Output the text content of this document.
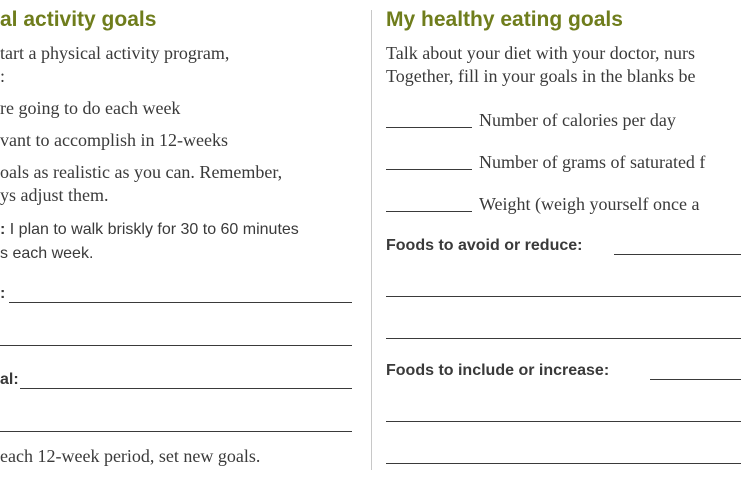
al activity goals
tart a physical activity program,
:
re going to do each week
vant to accomplish in 12-weeks
oals as realistic as you can. Remember,
ys adjust them.
: I plan to walk briskly for 30 to 60 minutes
s each week.
:
al:
each 12-week period, set new goals.
My healthy eating goals
Talk about your diet with your doctor, nurs
Together, fill in your goals in the blanks be
Number of calories per day
Number of grams of saturated f
Weight (weigh yourself once a
Foods to avoid or reduce:
Foods to include or increase:
